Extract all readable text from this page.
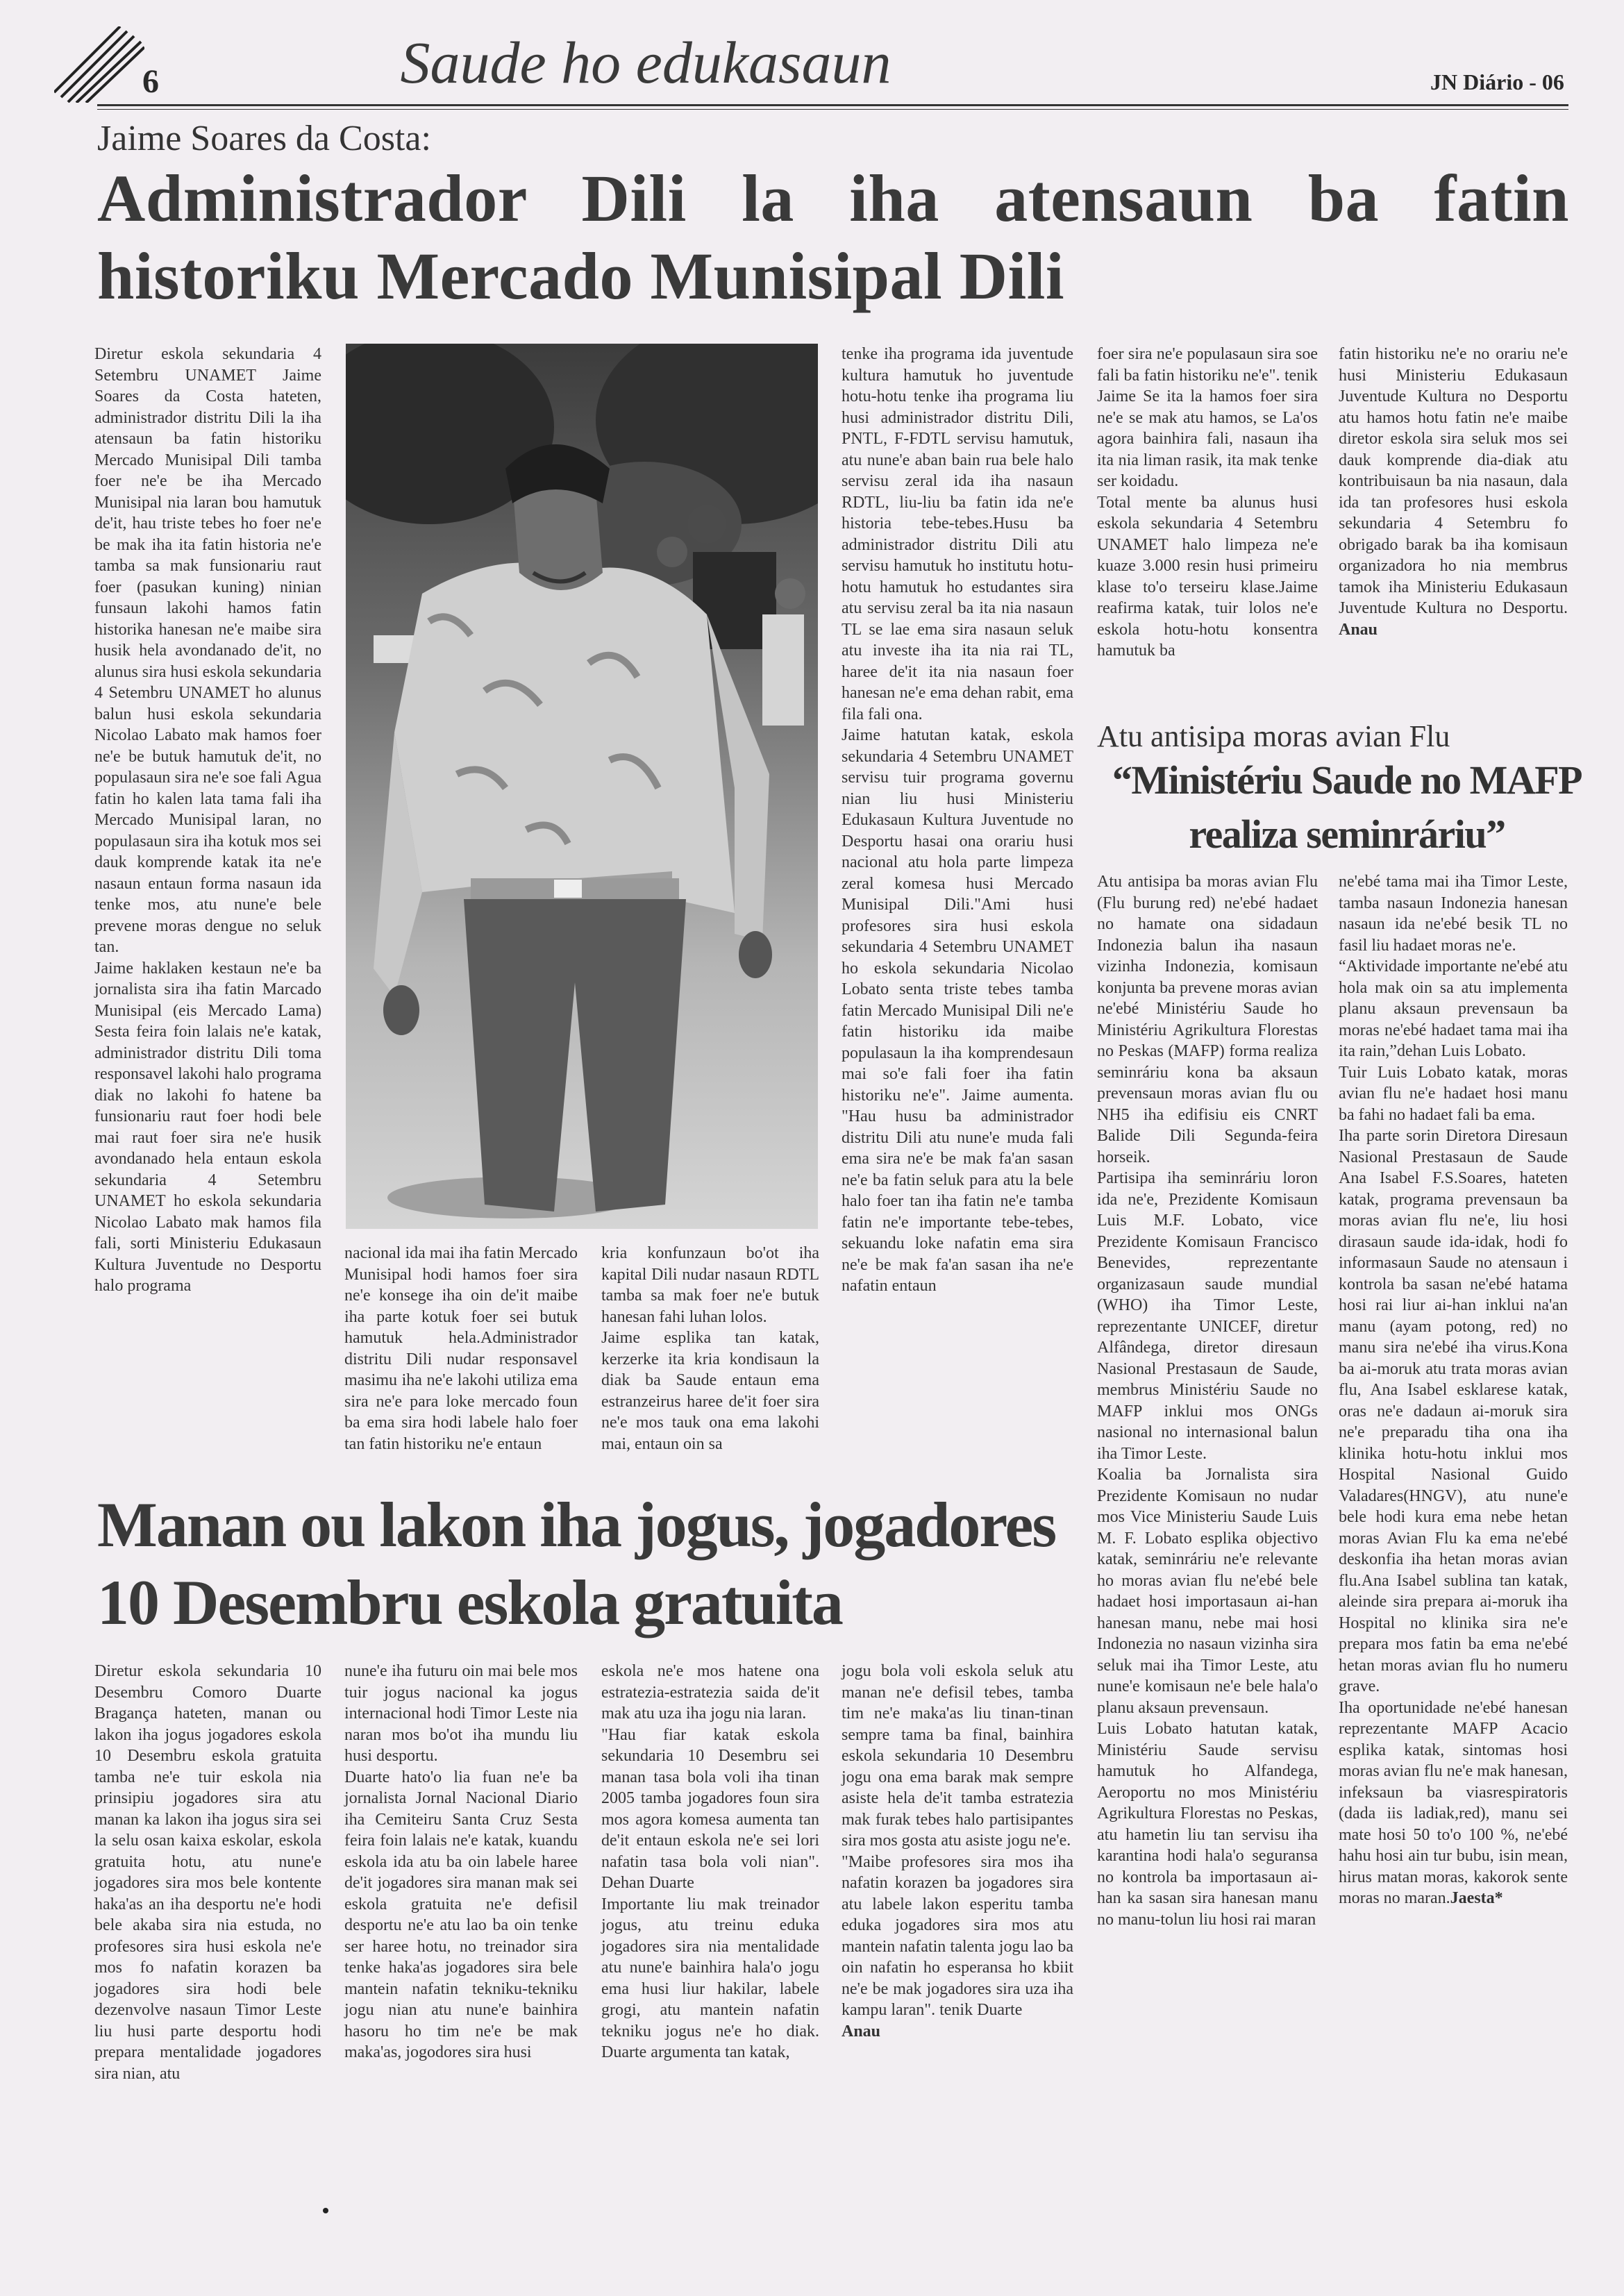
6	Saude ho edukasaun	JN Diário - 06
Jaime Soares da Costa:
Administrador Dili la iha atensaun ba fatin historiku Mercado Munisipal Dili

Diretur eskola sekundaria 4 Setembru UNAMET Jaime Soares da Costa hateten, administrador distritu Dili la iha atensaun ba fatin historiku Mercado Munisipal Dili tamba foer ne'e be iha Mercado Munisipal nia laran bou hamutuk de'it, hau triste tebes ho foer ne'e be mak iha ita fatin historia ne'e tamba sa mak funsionariu raut foer (pasukan kuning) ninian funsaun lakohi hamos fatin historika hanesan ne'e maibe sira husik hela avondanado de'it, no alunus sira husi eskola sekundaria 4 Setembru UNAMET ho alunus balun husi eskola sekundaria Nicolao Labato mak hamos foer ne'e be butuk hamutuk de'it, no populasaun sira ne'e soe fali Agua fatin ho kalen lata tama fali iha Mercado Munisipal laran, no populasaun sira iha kotuk mos sei dauk komprende katak ita ne'e nasaun entaun forma nasaun ida tenke mos, atu nune'e bele prevene moras dengue no seluk tan.

Jaime haklaken kestaun ne'e ba jornalista sira iha fatin Marcado Munisipal (eis Mercado Lama) Sesta feira foin lalais ne'e katak, administrador distritu Dili toma responsavel lakohi halo programa diak no lakohi fo hatene ba funsionariu raut foer hodi bele mai raut foer sira ne'e husik avondanado hela entaun eskola sekundaria 4 Setembru UNAMET ho eskola sekundaria Nicolao Labato mak hamos fila fali, sorti Ministeriu Edukasaun Kultura Juventude no Desportu halo programa

nacional ida mai iha fatin Mercado Munisipal hodi hamos foer sira ne'e konsege iha oin de'it maibe iha parte kotuk foer sei butuk hamutuk hela.Administrador distritu Dili nudar responsavel masimu iha ne'e lakohi utiliza ema sira ne'e para loke mercado foun ba ema sira hodi labele halo foer tan fatin historiku ne'e entaun

kria konfunzaun bo'ot iha kapital Dili nudar nasaun RDTL tamba sa mak foer ne'e butuk hanesan fahi luhan lolos.

Jaime esplika tan katak, kerzerke ita kria kondisaun la diak ba Saude entaun ema estranzeirus haree de'it foer sira ne'e mos tauk ona ema lakohi mai, entaun oin sa

tenke iha programa ida juventude kultura hamutuk ho juventude hotu-hotu tenke iha programa liu husi administrador distritu Dili, PNTL, F-FDTL servisu hamutuk, atu nune'e aban bain rua bele halo servisu zeral ida iha nasaun RDTL, liu-liu ba fatin ida ne'e historia tebe-tebes.Husu ba administrador distritu Dili atu servisu hamutuk ho institutu hotu-hotu hamutuk ho estudantes sira atu servisu zeral ba ita nia nasaun TL se lae ema sira nasaun seluk atu investe iha ita nia rai TL, haree de'it ita nia nasaun foer hanesan ne'e ema dehan rabit, ema fila fali ona.

Jaime hatutan katak, eskola sekundaria 4 Setembru UNAMET servisu tuir programa governu nian liu husi Ministeriu Edukasaun Kultura Juventude no Desportu hasai ona orariu husi nacional atu hola parte limpeza zeral komesa husi Mercado Munisipal Dili."Ami husi profesores sira husi eskola sekundaria 4 Setembru UNAMET ho eskola sekundaria Nicolao Lobato senta triste tebes tamba fatin Mercado Munisipal Dili ne'e fatin historiku ida maibe populasaun la iha komprendesaun mai so'e fali foer iha fatin historiku ne'e". Jaime aumenta. "Hau husu ba administrador distritu Dili atu nune'e muda fali ema sira ne'e be mak fa'an sasan ne'e ba fatin seluk para atu la bele halo foer tan iha fatin ne'e tamba fatin ne'e importante tebe-tebes, sekuandu loke nafatin ema sira ne'e be mak fa'an sasan iha ne'e nafatin entaun

foer sira ne'e populasaun sira soe fali ba fatin historiku ne'e". tenik Jaime Se ita la hamos foer sira ne'e se mak atu hamos, se La'os agora bainhira fali, nasaun iha ita nia liman rasik, ita mak tenke ser koidadu.

Total mente ba alunus husi eskola sekundaria 4 Setembru UNAMET halo limpeza ne'e kuaze 3.000 resin husi primeiru klase to'o terseiru klase.Jaime reafirma katak, tuir lolos ne'e eskola hotu-hotu konsentra hamutuk ba

fatin historiku ne'e no orariu ne'e husi Ministeriu Edukasaun Juventude Kultura no Desportu atu hamos hotu fatin ne'e maibe diretor eskola sira seluk mos sei dauk komprende dia-diak atu kontribuisaun ba nia nasaun, dala ida tan profesores husi eskola sekundaria 4 Setembru fo obrigado barak ba iha komisaun organizadora ho nia membrus tamok iha Ministeriu Edukasaun Juventude Kultura no Desportu. Anau

Atu antisipa moras avian Flu
“Ministériu Saude no MAFP realiza seminráriu”

Atu antisipa ba moras avian Flu (Flu burung red) ne'ebé hadaet no hamate ona sidadaun Indonezia balun iha nasaun vizinha Indonezia, komisaun konjunta ba prevene moras avian ne'ebé Ministériu Saude ho Ministériu Agrikultura Florestas no Peskas (MAFP) forma realiza seminráriu kona ba aksaun prevensaun moras avian flu ou NH5 iha edifisiu eis CNRT Balide Dili Segunda-feira horseik.

Partisipa iha seminráriu loron ida ne'e, Prezidente Komisaun Luis M.F. Lobato, vice Prezidente Komisaun Francisco Benevides, reprezentante organizasaun saude mundial (WHO) iha Timor Leste, reprezentante UNICEF, diretur Alfândega, diretor diresaun Nasional Prestasaun de Saude, membrus Ministériu Saude no MAFP inklui mos ONGs nasional no internasional balun iha Timor Leste.

Koalia ba Jornalista sira Prezidente Komisaun no nudar mos Vice Ministeriu Saude Luis M. F. Lobato esplika objectivo katak, seminráriu ne'e relevante ho moras avian flu ne'ebé bele hadaet hosi importasaun ai-han hanesan manu, nebe mai hosi Indonezia no nasaun vizinha sira seluk mai iha Timor Leste, atu nune'e komisaun ne'e bele hala'o planu aksaun prevensaun.

Luis Lobato hatutan katak, Ministériu Saude servisu hamutuk ho Alfandega, Aeroportu no mos Ministériu Agrikultura Florestas no Peskas, atu hametin liu tan servisu iha karantina hodi hala'o seguransa no kontrola ba importasaun ai-han ka sasan sira hanesan manu no manu-tolun liu hosi rai maran

ne'ebé tama mai iha Timor Leste, tamba nasaun Indonezia hanesan nasaun ida ne'ebé besik TL no fasil liu hadaet moras ne'e.

“Aktividade importante ne'ebé atu hola mak oin sa atu implementa planu aksaun prevensaun ba moras ne'ebé hadaet tama mai iha ita rain,”dehan Luis Lobato.

Tuir Luis Lobato katak, moras avian flu ne'e hadaet hosi manu ba fahi no hadaet fali ba ema.

Iha parte sorin Diretora Diresaun Nasional Prestasaun de Saude Ana Isabel F.S.Soares, hateten katak, programa prevensaun ba moras avian flu ne'e, liu hosi dirasaun saude ida-idak, hodi fo informasaun Saude no atensaun i kontrola ba sasan ne'ebé hatama hosi rai liur ai-han inklui na'an manu (ayam potong, red) no manu sira ne'ebé iha virus.Kona ba ai-moruk atu trata moras avian flu, Ana Isabel esklarese katak, oras ne'e dadaun ai-moruk sira ne'e preparadu tiha ona iha klinika hotu-hotu inklui mos Hospital Nasional Guido Valadares(HNGV), atu nune'e bele hodi kura ema nebe hetan moras Avian Flu ka ema ne'ebé deskonfia iha hetan moras avian flu.Ana Isabel sublina tan katak, aleinde sira prepara ai-moruk iha Hospital no klinika sira ne'e prepara mos fatin ba ema ne'ebé hetan moras avian flu ho numeru grave.

Iha oportunidade ne'ebé hanesan reprezentante MAFP Acacio esplika katak, sintomas hosi moras avian flu ne'e mak hanesan, infeksaun ba viasrespiratoris (dada iis ladiak,red), manu sei mate hosi 50 to'o 100 %, ne'ebé hahu hosi ain tur bubu, isin mean, hirus matan moras, kakorok sente moras no maran.Jaesta*

Manan ou lakon iha jogus, jogadores 10 Desembru eskola gratuita

Diretur eskola sekundaria 10 Desembru Comoro Duarte Bragança hateten, manan ou lakon iha jogus jogadores eskola 10 Desembru eskola gratuita tamba ne'e tuir eskola nia prinsipiu jogadores sira atu manan ka lakon iha jogus sira sei la selu osan kaixa eskolar, eskola gratuita hotu, atu nune'e jogadores sira mos bele kontente haka'as an iha desportu ne'e hodi bele akaba sira nia estuda, no profesores sira husi eskola ne'e mos fo nafatin korazen ba jogadores sira hodi bele dezenvolve nasaun Timor Leste liu husi parte desportu hodi prepara mentalidade jogadores sira nian, atu

nune'e iha futuru oin mai bele mos tuir jogus nacional ka jogus internacional hodi Timor Leste nia naran mos bo'ot iha mundu liu husi desportu.

Duarte hato'o lia fuan ne'e ba jornalista Jornal Nacional Diario iha Cemiteiru Santa Cruz Sesta feira foin lalais ne'e katak, kuandu eskola ida atu ba oin labele haree de'it jogadores sira manan mak sei eskola gratuita ne'e defisil desportu ne'e atu lao ba oin tenke ser haree hotu, no treinador sira tenke haka'as jogadores sira bele mantein nafatin tekniku-tekniku jogu nian atu nune'e bainhira hasoru ho tim ne'e be mak maka'as, jogodores sira husi

eskola ne'e mos hatene ona estratezia-estratezia saida de'it mak atu uza iha jogu nia laran.

"Hau fiar katak eskola sekundaria 10 Desembru sei manan tasa bola voli iha tinan 2005 tamba jogadores foun sira mos agora komesa aumenta tan de'it entaun eskola ne'e sei lori nafatin tasa bola voli nian". Dehan Duarte

Importante liu mak treinador jogus, atu treinu eduka jogadores sira nia mentalidade atu nune'e bainhira hala'o jogu ema husi liur hakilar, labele grogi, atu mantein nafatin tekniku jogus ne'e ho diak. Duarte argumenta tan katak,

jogu bola voli eskola seluk atu manan ne'e defisil tebes, tamba tim ne'e maka'as liu tinan-tinan sempre tama ba final, bainhira eskola sekundaria 10 Desembru jogu ona ema barak mak sempre asiste hela de'it tamba estratezia mak furak tebes halo partisipantes sira mos gosta atu asiste jogu ne'e.

"Maibe profesores sira mos iha nafatin korazen ba jogadores sira atu labele lakon esperitu tamba eduka jogadores sira mos atu mantein nafatin talenta jogu lao ba oin nafatin ho esperansa ho kbiit ne'e be mak jogadores sira uza iha kampu laran". tenik Duarte

Anau
